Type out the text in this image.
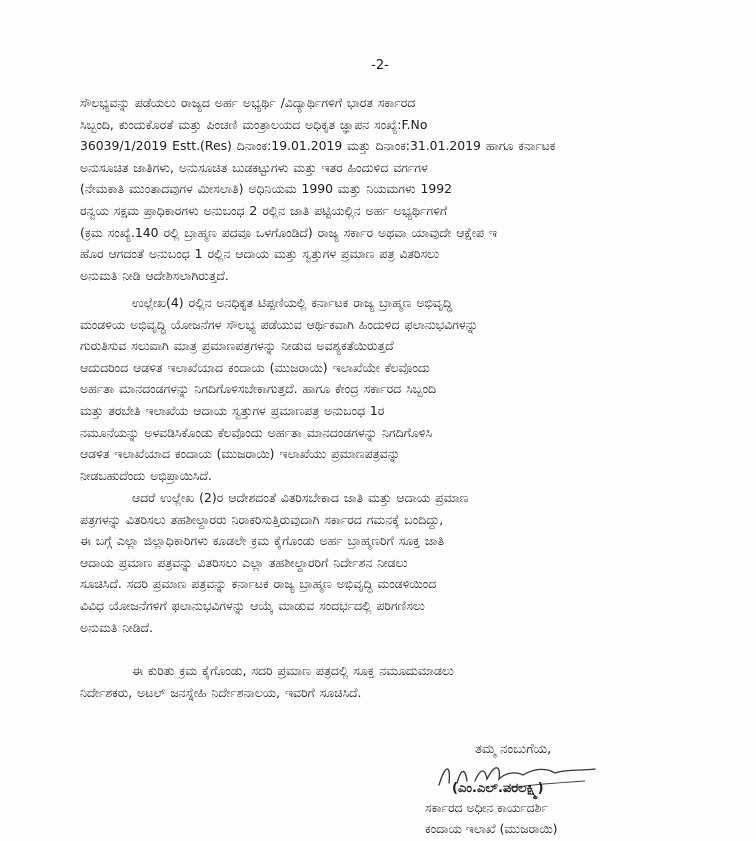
-2-
ಸೌಲಭ್ಯವನ್ನು ಪಡೆಯಲು ರಾಜ್ಯದ ಅರ್ಹ ಅಭ್ಯರ್ಥಿ /ವಿದ್ಯಾರ್ಥಿಗಳಿಗೆ ಭಾರತ ಸರ್ಕಾರದ
ಸಿಬ್ಬಂದಿ, ಕುಂದುಕೊರತೆ ಮತ್ತು ಪಿಂಚಣಿ ಮಂತ್ರಾಲಯದ ಅಧಿಕೃತ ಜ್ಞಾಪನ ಸಂಖ್ಯೆ:F.No
36039/1/2019 Estt.(Res) ದಿನಾಂಕ:19.01.2019 ಮತ್ತು ದಿನಾಂಕ:31.01.2019 ಹಾಗೂ ಕರ್ನಾಟಕ
ಅನುಸೂಚಿತ ಜಾತಿಗಳು, ಅನುಸೂಚಿತ ಬುಡಕಟ್ಟುಗಳು ಮತ್ತು ಇತರ ಹಿಂದುಳಿದ ವರ್ಗಗಳ
(ನೇಮಕಾತಿ ಮುಂತಾದವುಗಳ ಮೀಸಲಾತಿ) ಅಧಿನಿಯಮ 1990 ಮತ್ತು ನಿಯಮಗಳು 1992
ರನ್ವಯ ಸಕ್ಷಮ ಪ್ರಾಧಿಕಾರಗಳು ಅನುಬಂಧ 2 ರಲ್ಲಿನ ಜಾತಿ ಪಟ್ಟಿಯಲ್ಲಿನ ಅರ್ಹ ಅಭ್ಯರ್ಥಿಗಳಿಗೆ
(ಕ್ರಮ ಸಂಖ್ಯೆ.140 ರಲ್ಲಿ ಬ್ರಾಹ್ಮಣ ಪದವೂ ಒಳಗೊಂಡಿದೆ) ರಾಜ್ಯ ಸರ್ಕಾರ ಅಥವಾ ಯಾವುದೇ ಆಕ್ಷೇಪ ಇ
ಹೊರ ಆಗದಂತೆ ಅನುಬಂಧ 1 ರಲ್ಲಿನ ಆದಾಯ ಮತ್ತು ಸ್ವತ್ತುಗಳ ಪ್ರಮಾಣ ಪತ್ರ ವಿತರಿಸಲು
ಅನುಮತಿ ನೀಡಿ ಆದೇಶಿಸಲಾಗಿರುತ್ತದೆ.
ಉಲ್ಲೇಖ(4) ರಲ್ಲಿನ ಅನಧಿಕೃತ ಟಿಪ್ಪಣಿಯಲ್ಲಿ ಕರ್ನಾಟಕ ರಾಜ್ಯ ಬ್ರಾಹ್ಮಣ ಅಭಿವೃದ್ಧಿ
ಮಂಡಳಿಯ ಅಭಿವೃದ್ಧಿ ಯೋಜನೆಗಳ ಸೌಲಭ್ಯ ಪಡೆಯುವ ಆರ್ಥಿಕವಾಗಿ ಹಿಂದುಳಿದ ಫಲಾನುಭವಿಗಳನ್ನು
ಗುರುತಿಸುವ ಸಲುವಾಗಿ ಮಾತ್ರ ಪ್ರಮಾಣಪತ್ರಗಳನ್ನು ನೀಡುವ ಅವಶ್ಯಕತೆಯಿರುತ್ತದೆ
ಆದುದರಿಂದ ಆಡಳಿತ ಇಲಾಖೆಯಾದ ಕಂದಾಯ (ಮುಜರಾಯಿ) ಇಲಾಖೆಯೇ ಕೆಲವೊಂದು
ಅರ್ಹತಾ ಮಾನದಂಡಗಳನ್ನು ನಿಗದಿಗೊಳಿಸಬೇಕಾಗುತ್ತದೆ. ಹಾಗೂ ಕೇಂದ್ರ ಸರ್ಕಾರದ ಸಿಬ್ಬಂದಿ
ಮತ್ತು ತರಬೇತಿ ಇಲಾಖೆಯ ಆದಾಯ ಸ್ವತ್ತುಗಳ ಪ್ರಮಾಣಪತ್ರ ಅನುಬಂಧ 1ರ
ನಮೂನೆಯನ್ನು ಅಳವಡಿಸಿಕೊಂಡು ಕೆಲವೊಂದು ಅರ್ಹತಾ ಮಾನದಂಡಗಳನ್ನು ನಿಗದಿಗೊಳಿಸಿ
ಆಡಳಿತ ಇಲಾಖೆಯಾದ ಕಂದಾಯ (ಮುಜರಾಯಿ) ಇಲಾಖೆಯು ಪ್ರಮಾಣಪತ್ರವನ್ನು
ನೀಡಬಹುದೆಂದು ಅಭಿಪ್ರಾಯಿಸಿದೆ.
ಆದರೆ ಉಲ್ಲೇಖ (2)ರ ಆದೇಶದಂತೆ ವಿತರಿಸಬೇಕಾದ ಜಾತಿ ಮತ್ತು ಆದಾಯ ಪ್ರಮಾಣ
ಪತ್ರಗಳನ್ನು ವಿತರಿಸಲು ತಹಶೀಲ್ದಾರರು ನಿರಾಕರಿಸುತ್ತಿರುವುದಾಗಿ ಸರ್ಕಾರದ ಗಮನಕ್ಕೆ ಬಂದಿದ್ದು,
ಈ ಬಗ್ಗೆ ಎಲ್ಲಾ ಜಿಲ್ಲಾಧಿಕಾರಿಗಳು ಕೂಡಲೇ ಕ್ರಮ ಕೈಗೊಂಡು ಅರ್ಹ ಬ್ರಾಹ್ಮಣರಿಗೆ ಸೂಕ್ತ ಜಾತಿ
ಆದಾಯ ಪ್ರಮಾಣ ಪತ್ರವನ್ನು ವಿತರಿಸಲು ಎಲ್ಲಾ ತಹಶೀಲ್ದಾರರಿಗೆ ನಿರ್ದೇಶನ ನೀಡಲು
ಸೂಚಿಸಿದೆ. ಸದರಿ ಪ್ರಮಾಣ ಪತ್ರವನ್ನು ಕರ್ನಾಟಕ ರಾಜ್ಯ ಬ್ರಾಹ್ಮಣ ಅಭಿವೃದ್ಧಿ ಮಂಡಳಿಯಿಂದ
ವಿವಿಧ ಯೋಜನೆಗಳಿಗೆ ಫಲಾನುಭವಿಗಳನ್ನು ಆಯ್ಕೆ ಮಾಡುವ ಸಂದರ್ಭದಲ್ಲಿ ಪರಿಗಣಿಸಲು
ಅನುಮತಿ ನೀಡಿದೆ.
ಈ ಕುರಿತು ಕ್ರಮ ಕೈಗೊಂಡು, ಸದರಿ ಪ್ರಮಾಣ ಪತ್ರದಲ್ಲಿ ಸೂಕ್ತ ನಮೂದುಮಾಡಲು
ನಿರ್ದೇಶಕರು, ಅಟಲ್ ಜನಸ್ನೇಹಿ ನಿರ್ದೇಶನಾಲಯ, ಇವರಿಗೆ ಸೂಚಿಸಿದೆ.
ತಮ್ಮ ನಂಬುಗೆಯ,
(ಎಂ.ಎಲ್.ವರಲಕ್ಷ್ಮಿ)
ಸರ್ಕಾರದ ಅಧೀನ ಕಾರ್ಯದರ್ಶಿ
ಕಂದಾಯ ಇಲಾಖೆ (ಮುಜರಾಯಿ)
